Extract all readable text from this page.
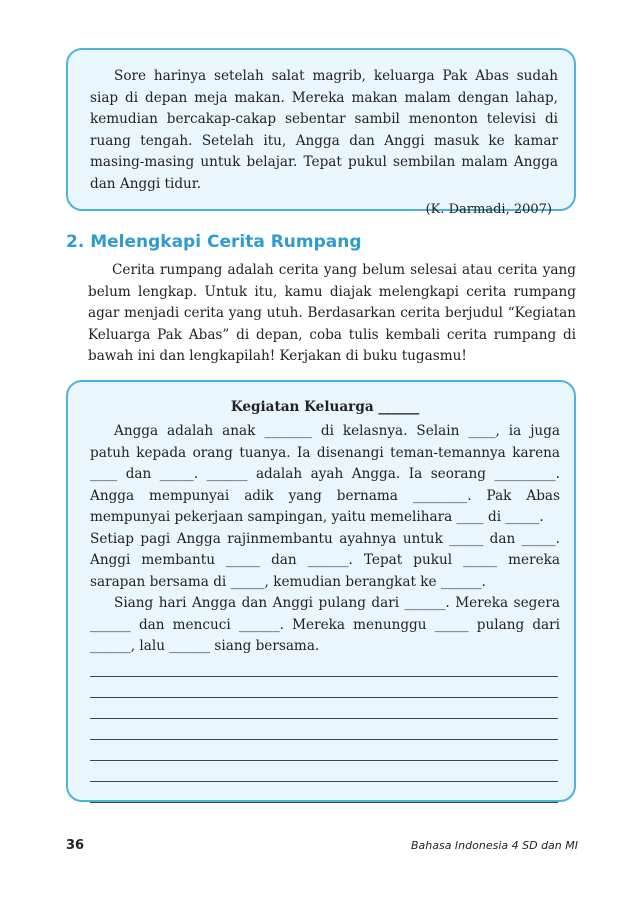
Sore harinya setelah salat magrib, keluarga Pak Abas sudah siap di depan meja makan. Mereka makan malam dengan lahap, kemudian bercakap-cakap sebentar sambil menonton televisi di ruang tengah. Setelah itu, Angga dan Anggi masuk ke kamar masing-masing untuk belajar. Tepat pukul sembilan malam Angga dan Anggi tidur.

(K. Darmadi, 2007)
2. Melengkapi Cerita Rumpang

Cerita rumpang adalah cerita yang belum selesai atau cerita yang belum lengkap. Untuk itu, kamu diajak melengkapi cerita rumpang agar menjadi cerita yang utuh. Berdasarkan cerita berjudul “Kegiatan Keluarga Pak Abas” di depan, coba tulis kembali cerita rumpang di bawah ini dan lengkapilah! Kerjakan di buku tugasmu!

Kegiatan Keluarga ______

Angga adalah anak _______ di kelasnya. Selain ____, ia juga patuh kepada orang tuanya. Ia disenangi teman-temannya karena ____ dan _____. ______ adalah ayah Angga. Ia seorang _________. Angga mempunyai adik yang bernama ________. Pak Abas mempunyai pekerjaan sampingan, yaitu memelihara ____ di _____.

Setiap pagi Angga rajinmembantu ayahnya untuk _____ dan _____. Anggi membantu _____ dan ______. Tepat pukul _____ mereka sarapan bersama di _____, kemudian berangkat ke ______.

Siang hari Angga dan Anggi pulang dari ______. Mereka segera ______ dan mencuci ______. Mereka menunggu _____ pulang dari ______, lalu ______ siang bersama.

36	Bahasa Indonesia 4 SD dan MI
